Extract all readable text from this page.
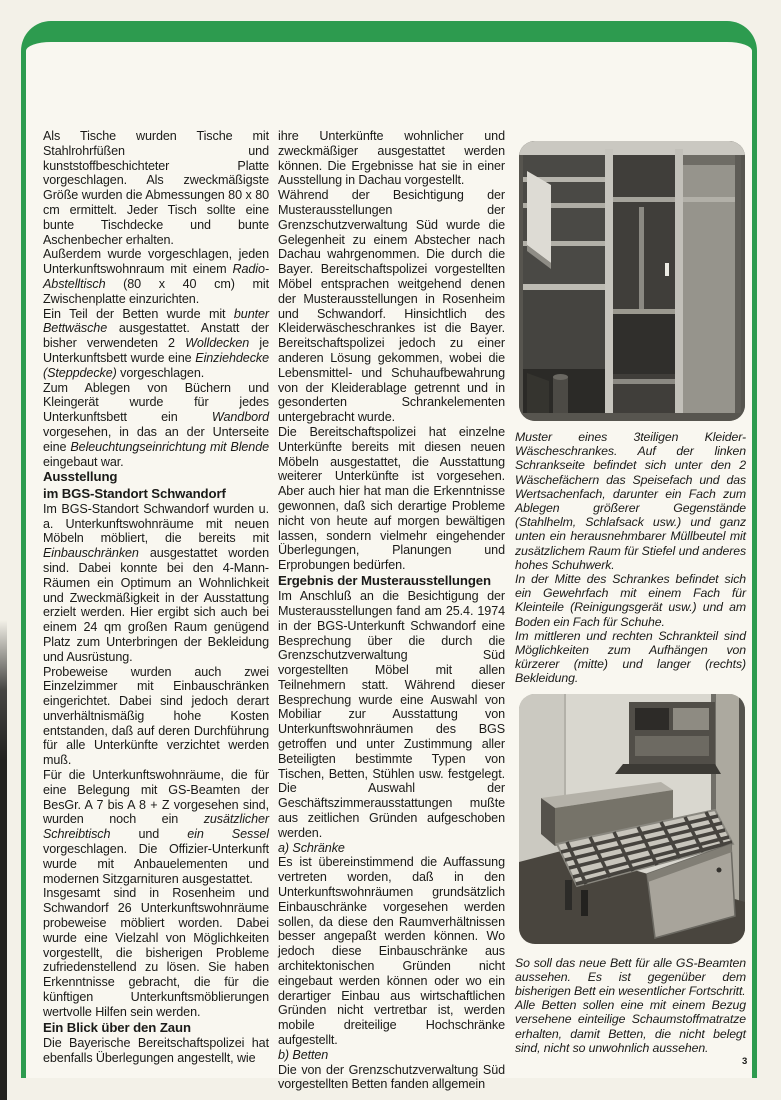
Als Tische wurden Tische mit Stahlrohrfüßen und kunststoffbeschichteter Platte vorgeschlagen. Als zweckmäßigste Größe wurden die Abmessungen 80 x 80 cm ermittelt. Jeder Tisch sollte eine bunte Tischdecke und bunte Aschenbecher erhalten.

Außerdem wurde vorgeschlagen, jeden Unterkunftswohnraum mit einem Radio-Abstelltisch (80 x 40 cm) mit Zwischenplatte einzurichten.

Ein Teil der Betten wurde mit bunter Bettwäsche ausgestattet. Anstatt der bisher verwendeten 2 Wolldecken je Unterkunftsbett wurde eine Einziehdecke (Steppdecke) vorgeschlagen.

Zum Ablegen von Büchern und Kleingerät wurde für jedes Unterkunftsbett ein Wandbord vorgesehen, in das an der Unterseite eine Beleuchtungseinrichtung mit Blende eingebaut war.

Ausstellung
im BGS-Standort Schwandorf

Im BGS-Standort Schwandorf wurden u. a. Unterkunftswohnräume mit neuen Möbeln möbliert, die bereits mit Einbauschränken ausgestattet worden sind. Dabei konnte bei den 4-Mann-Räumen ein Optimum an Wohnlichkeit und Zweckmäßigkeit in der Ausstattung erzielt werden. Hier ergibt sich auch bei einem 24 qm großen Raum genügend Platz zum Unterbringen der Bekleidung und Ausrüstung.

Probeweise wurden auch zwei Einzelzimmer mit Einbauschränken eingerichtet. Dabei sind jedoch derart unverhältnismäßig hohe Kosten entstanden, daß auf deren Durchführung für alle Unterkünfte verzichtet werden muß.

Für die Unterkunftswohnräume, die für eine Belegung mit GS-Beamten der BesGr. A 7 bis A 8 + Z vorgesehen sind, wurden noch ein zusätzlicher Schreibtisch und ein Sessel vorgeschlagen. Die Offizier-Unterkunft wurde mit Anbauelementen und modernen Sitzgarnituren ausgestattet.

Insgesamt sind in Rosenheim und Schwandorf 26 Unterkunftswohnräume probeweise möbliert worden. Dabei wurde eine Vielzahl von Möglichkeiten vorgestellt, die bisherigen Probleme zufriedenstellend zu lösen. Sie haben Erkenntnisse gebracht, die für die künftigen Unterkunftsmöblierungen wertvolle Hilfen sein werden.

Ein Blick über den Zaun

Die Bayerische Bereitschaftspolizei hat ebenfalls Überlegungen angestellt, wie

ihre Unterkünfte wohnlicher und zweckmäßiger ausgestattet werden können. Die Ergebnisse hat sie in einer Ausstellung in Dachau vorgestellt.

Während der Besichtigung der Musterausstellungen der Grenzschutzverwaltung Süd wurde die Gelegenheit zu einem Abstecher nach Dachau wahrgenommen. Die durch die Bayer. Bereitschaftspolizei vorgestellten Möbel entsprachen weitgehend denen der Musterausstellungen in Rosenheim und Schwandorf. Hinsichtlich des Kleiderwäscheschrankes ist die Bayer. Bereitschaftspolizei jedoch zu einer anderen Lösung gekommen, wobei die Lebensmittel- und Schuhaufbewahrung von der Kleiderablage getrennt und in gesonderten Schrankelementen untergebracht wurde.

Die Bereitschaftspolizei hat einzelne Unterkünfte bereits mit diesen neuen Möbeln ausgestattet, die Ausstattung weiterer Unterkünfte ist vorgesehen. Aber auch hier hat man die Erkenntnisse gewonnen, daß sich derartige Probleme nicht von heute auf morgen bewältigen lassen, sondern vielmehr eingehender Überlegungen, Planungen und Erprobungen bedürfen.

Ergebnis der Musterausstellungen

Im Anschluß an die Besichtigung der Musterausstellungen fand am 25.4. 1974 in der BGS-Unterkunft Schwandorf eine Besprechung über die durch die Grenzschutzverwaltung Süd vorgestellten Möbel mit allen Teilnehmern statt. Während dieser Besprechung wurde eine Auswahl von Mobiliar zur Ausstattung von Unterkunftswohnräumen des BGS getroffen und unter Zustimmung aller Beteiligten bestimmte Typen von Tischen, Betten, Stühlen usw. festgelegt. Die Auswahl der Geschäftszimmerausstattungen mußte aus zeitlichen Gründen aufgeschoben werden.

a) Schränke

Es ist übereinstimmend die Auffassung vertreten worden, daß in den Unterkunftswohnräumen grundsätzlich Einbauschränke vorgesehen werden sollen, da diese den Raumverhältnissen besser angepaßt werden können. Wo jedoch diese Einbauschränke aus architektonischen Gründen nicht eingebaut werden können oder wo ein derartiger Einbau aus wirtschaftlichen Gründen nicht vertretbar ist, werden mobile dreiteilige Hochschränke aufgestellt.

b) Betten

Die von der Grenzschutzverwaltung Süd vorgestellten Betten fanden allgemein

Muster eines 3teiligen Kleider-Wäscheschrankes. Auf der linken Schrankseite befindet sich unter den 2 Wäschefächern das Speisefach und das Wertsachenfach, darunter ein Fach zum Ablegen größerer Gegenstände (Stahlhelm, Schlafsack usw.) und ganz unten ein herausnehmbarer Müllbeutel mit zusätzlichem Raum für Stiefel und anderes hohes Schuhwerk.

In der Mitte des Schrankes befindet sich ein Gewehrfach mit einem Fach für Kleinteile (Reinigungsgerät usw.) und am Boden ein Fach für Schuhe.

Im mittleren und rechten Schrankteil sind Möglichkeiten zum Aufhängen von kürzerer (mitte) und langer (rechts) Bekleidung.

So soll das neue Bett für alle GS-Beamten aussehen. Es ist gegenüber dem bisherigen Bett ein wesentlicher Fortschritt.

Alle Betten sollen eine mit einem Bezug versehene einteilige Schaumstoffmatratze erhalten, damit Betten, die nicht belegt sind, nicht so unwohnlich aussehen.

3
